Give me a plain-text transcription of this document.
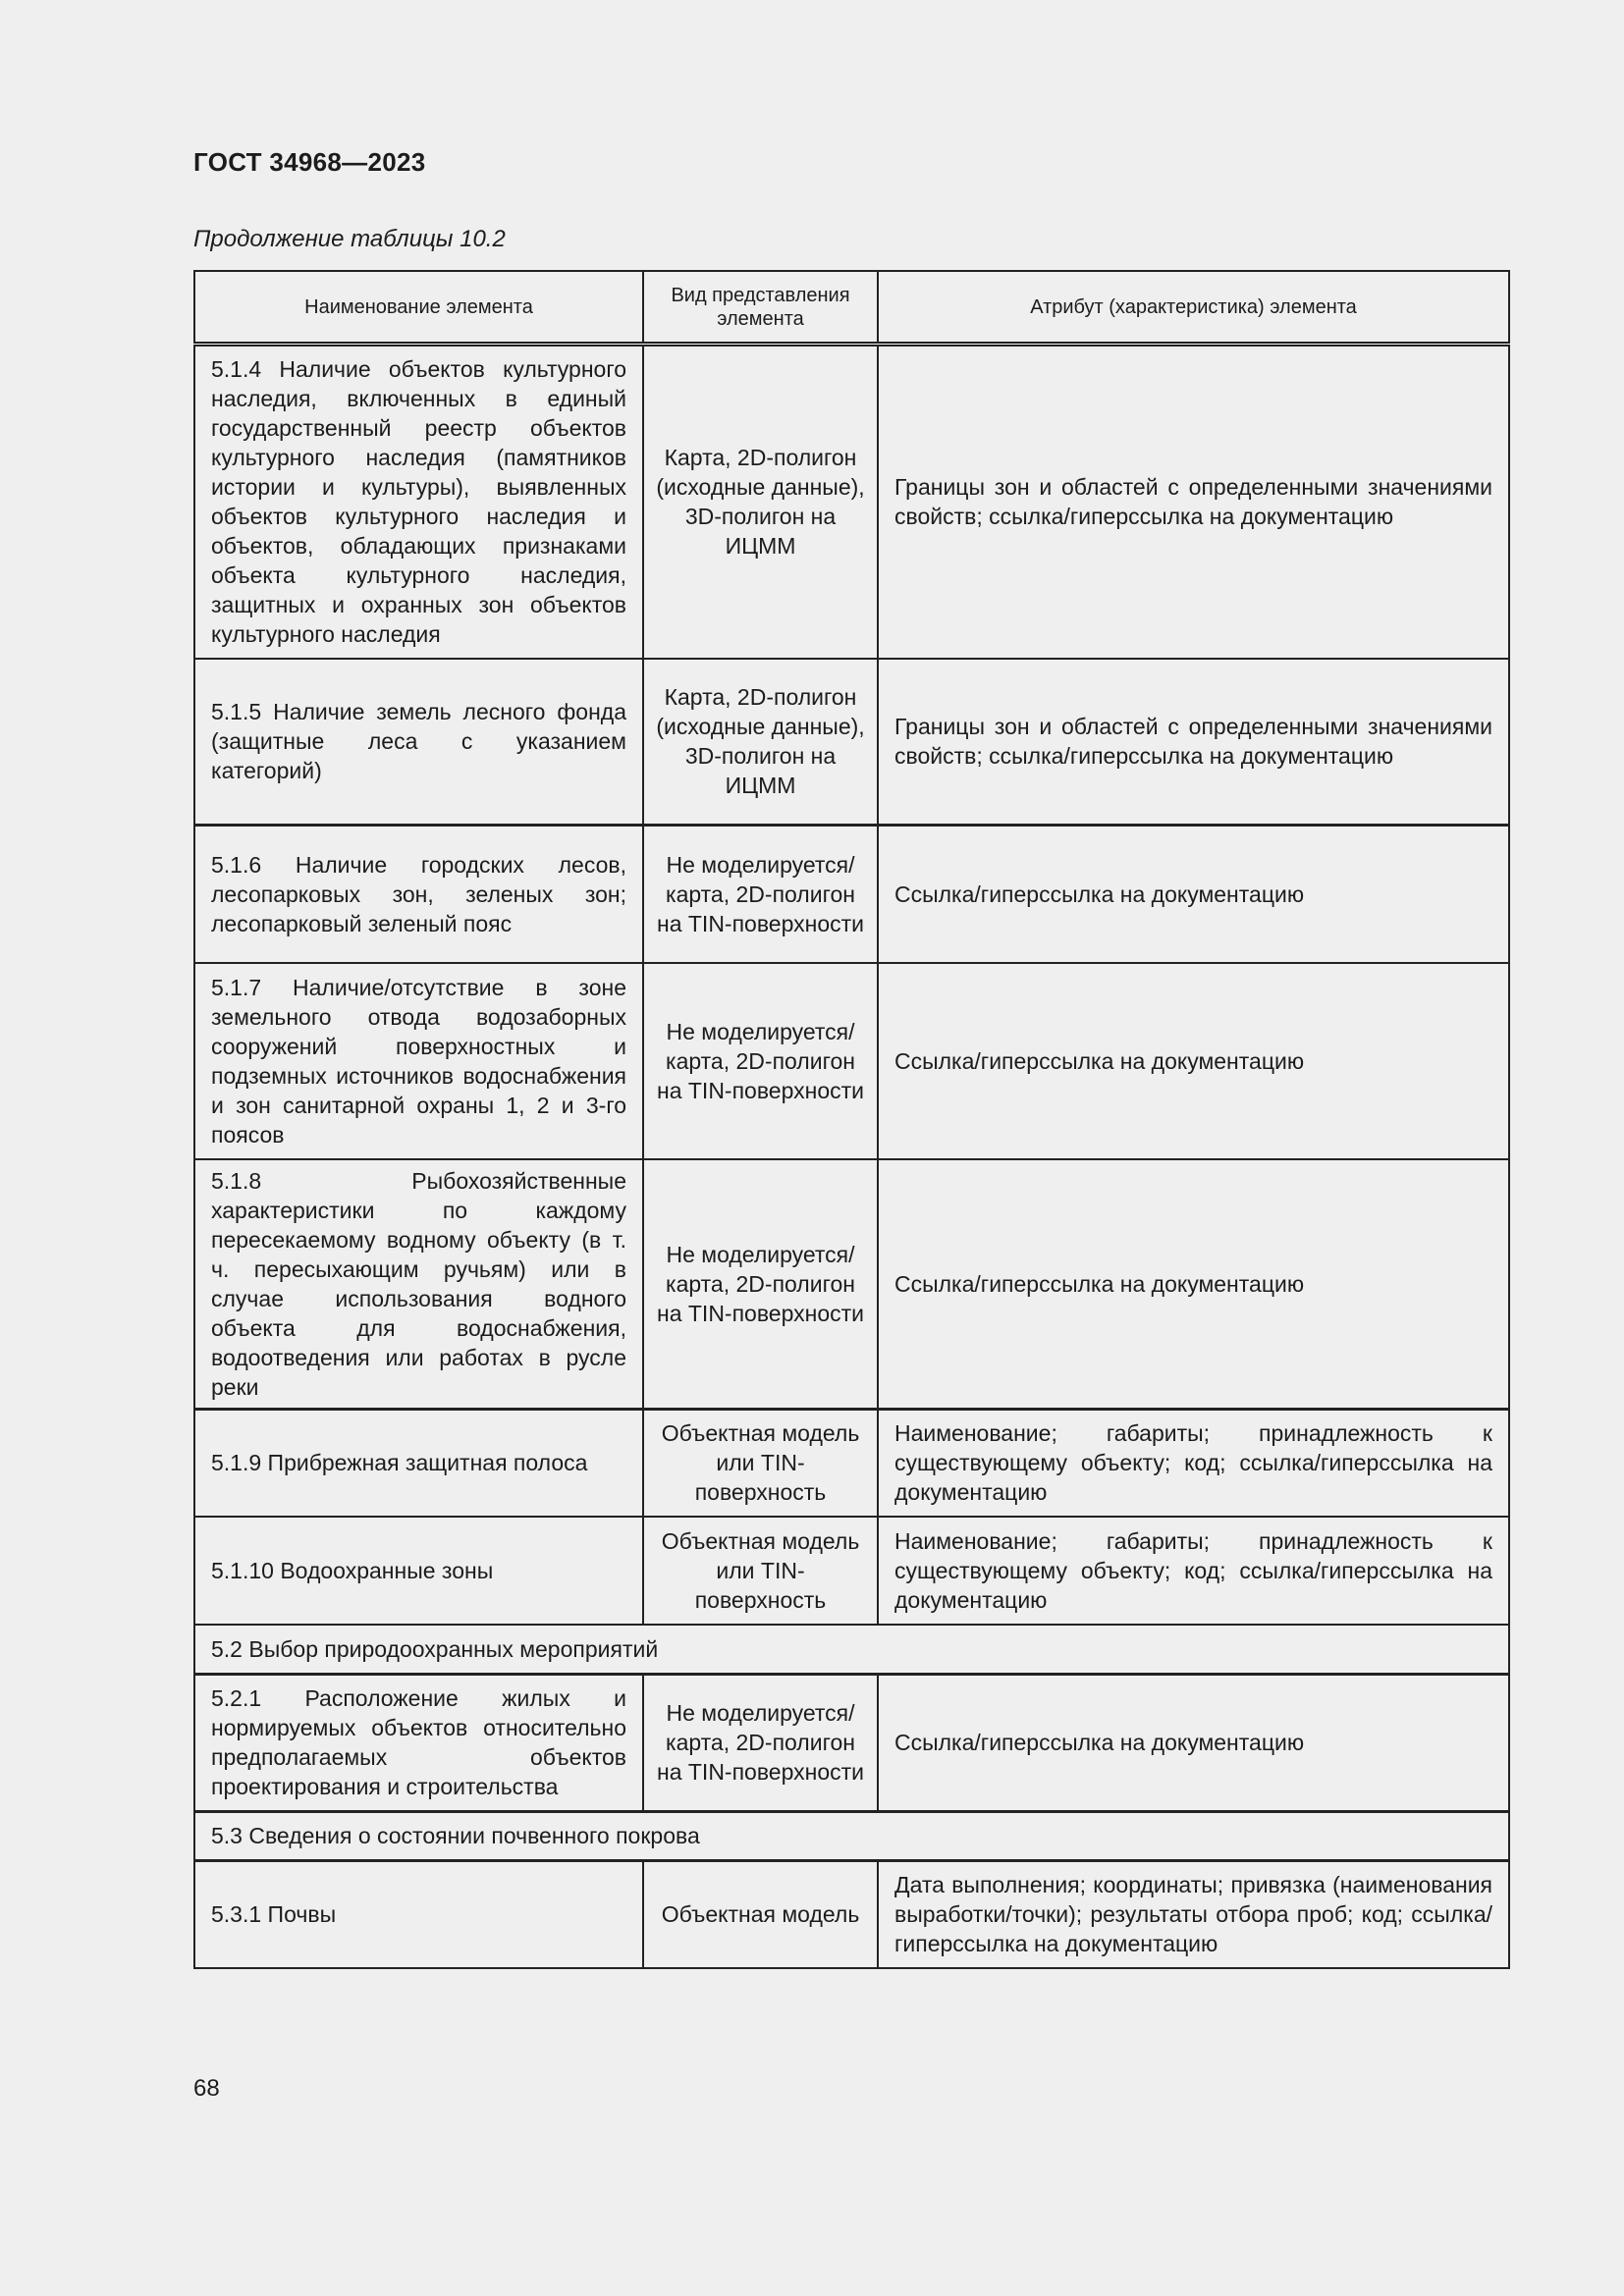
ГОСТ 34968—2023
Продолжение таблицы 10.2
Наименование элемента	Вид представления элемента	Атрибут (характеристика) элемента
5.1.4 Наличие объектов культурного наследия, включенных в единый государственный реестр объектов культурного наследия (памятников истории и культуры), выявленных объектов культурного наследия и объектов, обладающих признаками объекта культурного наследия, защитных и охранных зон объектов культурного наследия	Карта, 2D-полигон (исходные данные), 3D-полигон на ИЦММ	Границы зон и областей с определенными значениями свойств; ссылка/гиперссылка на документацию
5.1.5 Наличие земель лесного фонда (защитные леса с указанием категорий)	Карта, 2D-полигон (исходные данные), 3D-полигон на ИЦММ	Границы зон и областей с определенными значениями свойств; ссылка/гиперссылка на документацию
5.1.6 Наличие городских лесов, лесопарковых зон, зеленых зон; лесопарковый зеленый пояс	Не моделируется/карта, 2D-полигон на TIN-поверхности	Ссылка/гиперссылка на документацию
5.1.7 Наличие/отсутствие в зоне земельного отвода водозаборных сооружений поверхностных и подземных источников водоснабжения и зон санитарной охраны 1, 2 и 3-го поясов	Не моделируется/карта, 2D-полигон на TIN-поверхности	Ссылка/гиперссылка на документацию
5.1.8 Рыбохозяйственные характеристики по каждому пересекаемому водному объекту (в т. ч. пересыхающим ручьям) или в случае использования водного объекта для водоснабжения, водоотведения или работах в русле реки	Не моделируется/карта, 2D-полигон на TIN-поверхности	Ссылка/гиперссылка на документацию
5.1.9 Прибрежная защитная полоса	Объектная модель или TIN-поверхность	Наименование; габариты; принадлежность к существующему объекту; код; ссылка/гиперссылка на документацию
5.1.10 Водоохранные зоны	Объектная модель или TIN-поверхность	Наименование; габариты; принадлежность к существующему объекту; код; ссылка/гиперссылка на документацию
5.2 Выбор природоохранных мероприятий		
5.2.1 Расположение жилых и нормируемых объектов относительно предполагаемых объектов проектирования и строительства	Не моделируется/карта, 2D-полигон на TIN-поверхности	Ссылка/гиперссылка на документацию
5.3 Сведения о состоянии почвенного покрова		
5.3.1 Почвы	Объектная модель	Дата выполнения; координаты; привязка (наименования выработки/точки); результаты отбора проб; код; ссылка/гиперссылка на документацию
68
